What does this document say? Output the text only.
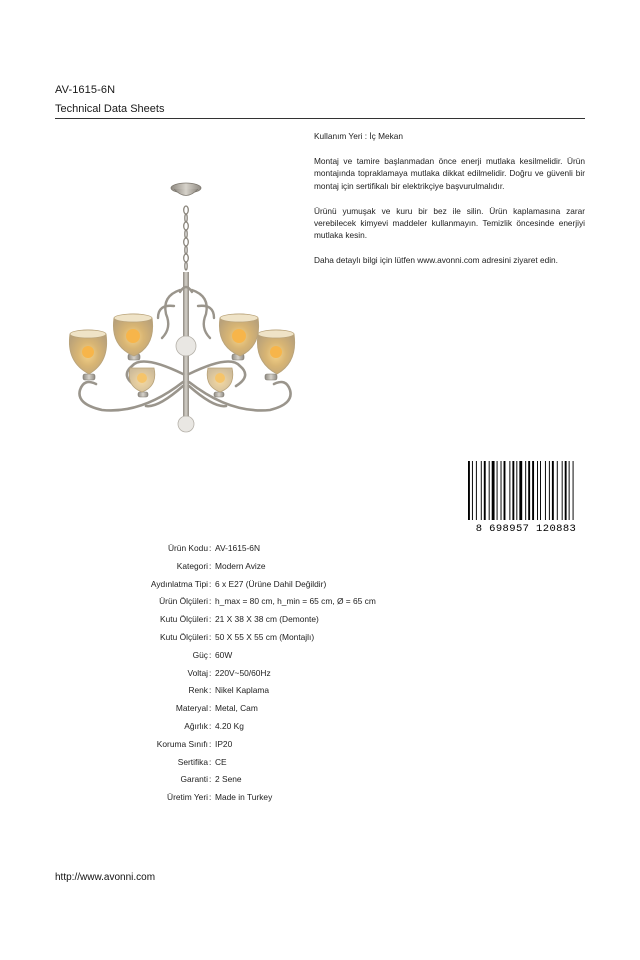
AV-1615-6N
Technical Data Sheets

Kullanım Yeri : İç Mekan

Montaj ve tamire başlanmadan önce enerji mutlaka kesilmelidir. Ürün montajında topraklamaya mutlaka dikkat edilmelidir. Doğru ve güvenli bir montaj için sertifikalı bir elektrikçiye başvurulmalıdır.

Ürünü yumuşak ve kuru bir bez ile silin. Ürün kaplamasına zarar verebilecek kimyevi maddeler kullanmayın. Temizlik öncesinde enerjiyi mutlaka kesin.

Daha detaylı bilgi için lütfen www.avonni.com adresini ziyaret edin.

8 698957 120883
Ürün Kodu : AV-1615-6N
Kategori : Modern Avize
Aydınlatma Tipi : 6 x E27 (Ürüne Dahil Değildir)
Ürün Ölçüleri : h_max = 80 cm, h_min = 65 cm, Ø = 65 cm
Kutu Ölçüleri : 21 X 38 X 38 cm (Demonte)
Kutu Ölçüleri : 50 X 55 X 55 cm (Montajlı)
Güç : 60W
Voltaj : 220V~50/60Hz
Renk : Nikel Kaplama
Materyal : Metal, Cam
Ağırlık : 4.20 Kg
Koruma Sınıfı : IP20
Sertifika : CE
Garanti : 2 Sene
Üretim Yeri : Made in Turkey
http://www.avonni.com
